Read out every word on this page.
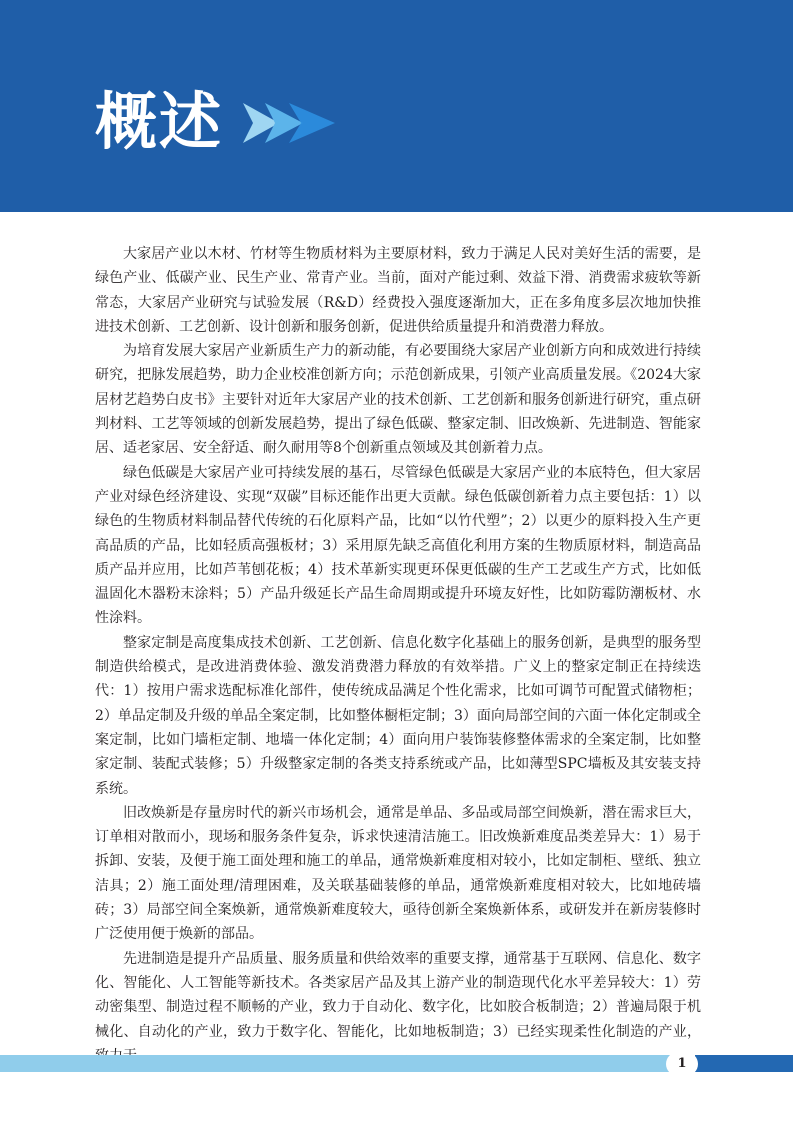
概述

大家居产业以木材、竹材等生物质材料为主要原材料，致力于满足人民对美好生活的需要，是绿色产业、低碳产业、民生产业、常青产业。当前，面对产能过剩、效益下滑、消费需求疲软等新常态，大家居产业研究与试验发展（R&D）经费投入强度逐渐加大，正在多角度多层次地加快推进技术创新、工艺创新、设计创新和服务创新，促进供给质量提升和消费潜力释放。

为培育发展大家居产业新质生产力的新动能，有必要围绕大家居产业创新方向和成效进行持续研究，把脉发展趋势，助力企业校准创新方向；示范创新成果，引领产业高质量发展。《2024大家居材艺趋势白皮书》主要针对近年大家居产业的技术创新、工艺创新和服务创新进行研究，重点研判材料、工艺等领域的创新发展趋势，提出了绿色低碳、整家定制、旧改焕新、先进制造、智能家居、适老家居、安全舒适、耐久耐用等8个创新重点领域及其创新着力点。

绿色低碳是大家居产业可持续发展的基石，尽管绿色低碳是大家居产业的本底特色，但大家居产业对绿色经济建设、实现“双碳”目标还能作出更大贡献。绿色低碳创新着力点主要包括：1）以绿色的生物质材料制品替代传统的石化原料产品，比如“以竹代塑”；2）以更少的原料投入生产更高品质的产品，比如轻质高强板材；3）采用原先缺乏高值化利用方案的生物质原材料，制造高品质产品并应用，比如芦苇刨花板；4）技术革新实现更环保更低碳的生产工艺或生产方式，比如低温固化木器粉末涂料；5）产品升级延长产品生命周期或提升环境友好性，比如防霉防潮板材、水性涂料。

整家定制是高度集成技术创新、工艺创新、信息化数字化基础上的服务创新，是典型的服务型制造供给模式，是改进消费体验、激发消费潜力释放的有效举措。广义上的整家定制正在持续迭代：1）按用户需求选配标准化部件，使传统成品满足个性化需求，比如可调节可配置式储物柜；2）单品定制及升级的单品全案定制，比如整体橱柜定制；3）面向局部空间的六面一体化定制或全案定制，比如门墙柜定制、地墙一体化定制；4）面向用户装饰装修整体需求的全案定制，比如整家定制、装配式装修；5）升级整家定制的各类支持系统或产品，比如薄型SPC墙板及其安装支持系统。

旧改焕新是存量房时代的新兴市场机会，通常是单品、多品或局部空间焕新，潜在需求巨大，订单相对散而小，现场和服务条件复杂，诉求快速清洁施工。旧改焕新难度品类差异大：1）易于拆卸、安装，及便于施工面处理和施工的单品，通常焕新难度相对较小，比如定制柜、壁纸、独立洁具；2）施工面处理/清理困难，及关联基础装修的单品，通常焕新难度相对较大，比如地砖墙砖；3）局部空间全案焕新，通常焕新难度较大，亟待创新全案焕新体系，或研发并在新房装修时广泛使用便于焕新的部品。

先进制造是提升产品质量、服务质量和供给效率的重要支撑，通常基于互联网、信息化、数字化、智能化、人工智能等新技术。各类家居产品及其上游产业的制造现代化水平差异较大：1）劳动密集型、制造过程不顺畅的产业，致力于自动化、数字化，比如胶合板制造；2）普遍局限于机械化、自动化的产业，致力于数字化、智能化，比如地板制造；3）已经实现柔性化制造的产业，

1
